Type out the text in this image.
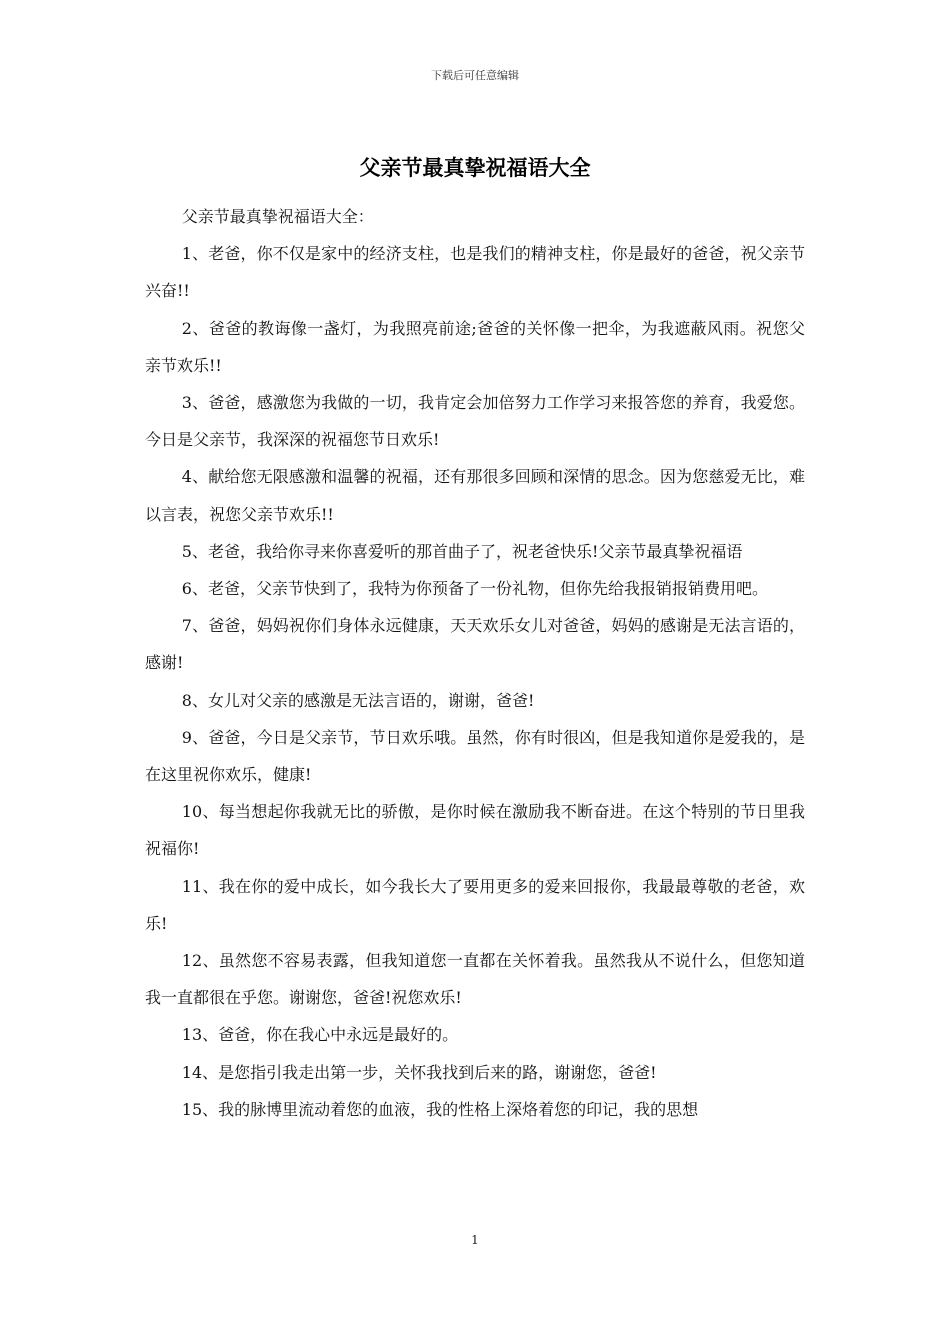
下载后可任意编辑
父亲节最真挚祝福语大全

父亲节最真挚祝福语大全：

1、老爸，你不仅是家中的经济支柱，也是我们的精神支柱，你是最好的爸爸，祝父亲节兴奋!!

2、爸爸的教诲像一盏灯，为我照亮前途;爸爸的关怀像一把伞，为我遮蔽风雨。祝您父亲节欢乐!!

3、爸爸，感激您为我做的一切，我肯定会加倍努力工作学习来报答您的养育，我爱您。今日是父亲节，我深深的祝福您节日欢乐!

4、献给您无限感激和温馨的祝福，还有那很多回顾和深情的思念。因为您慈爱无比，难以言表，祝您父亲节欢乐!!

5、老爸，我给你寻来你喜爱听的那首曲子了，祝老爸快乐!父亲节最真挚祝福语

6、老爸，父亲节快到了，我特为你预备了一份礼物，但你先给我报销报销费用吧。

7、爸爸，妈妈祝你们身体永远健康，天天欢乐女儿对爸爸，妈妈的感谢是无法言语的，感谢!

8、女儿对父亲的感激是无法言语的，谢谢，爸爸!

9、爸爸，今日是父亲节，节日欢乐哦。虽然，你有时很凶，但是我知道你是爱我的，是在这里祝你欢乐，健康!

10、每当想起你我就无比的骄傲，是你时候在激励我不断奋进。在这个特别的节日里我祝福你!

11、我在你的爱中成长，如今我长大了要用更多的爱来回报你，我最最尊敬的老爸，欢乐!

12、虽然您不容易表露，但我知道您一直都在关怀着我。虽然我从不说什么，但您知道我一直都很在乎您。谢谢您，爸爸!祝您欢乐!

13、爸爸，你在我心中永远是最好的。

14、是您指引我走出第一步，关怀我找到后来的路，谢谢您，爸爸!

15、我的脉博里流动着您的血液，我的性格上深烙着您的印记，我的思想

1
